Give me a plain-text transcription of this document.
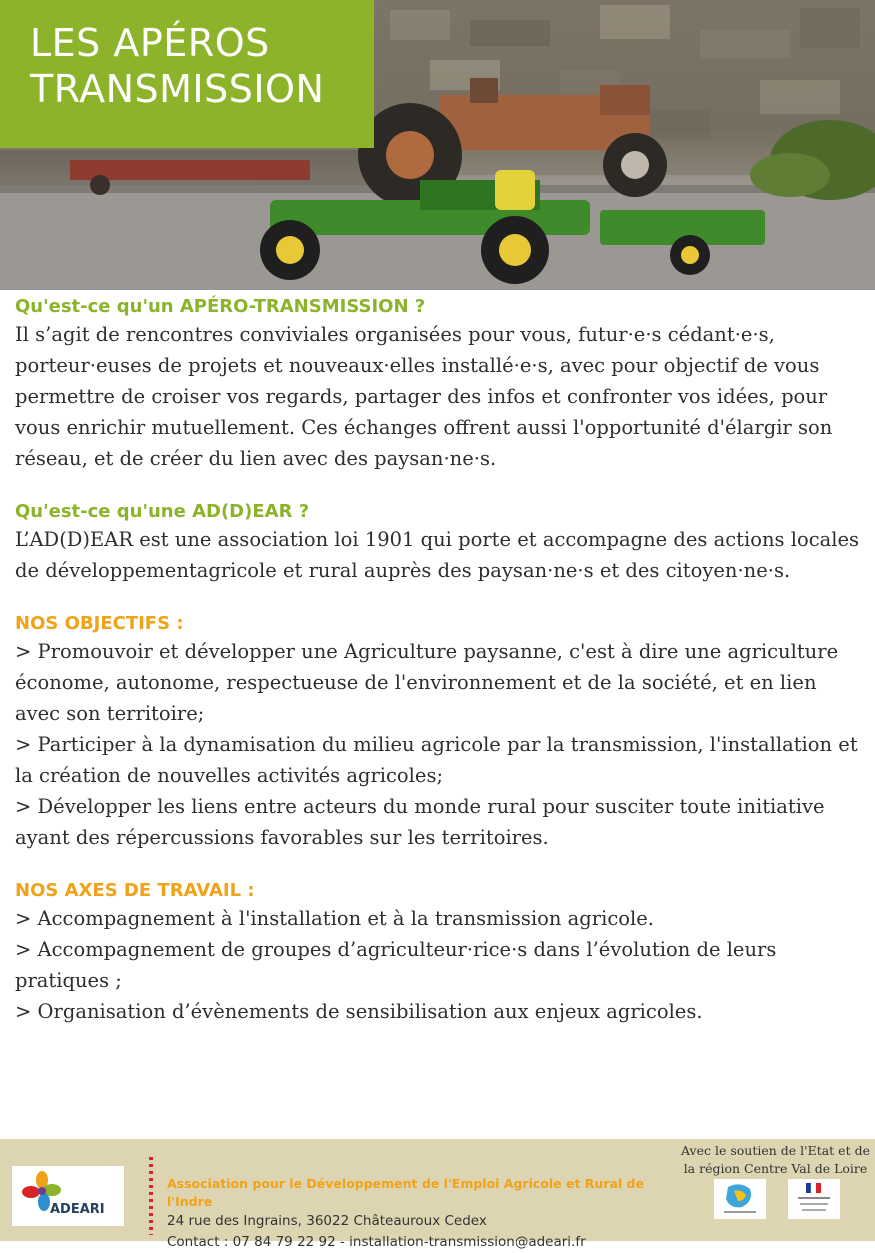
LES APÉROS
TRANSMISSION
Qu'est-ce qu'un APÉRO-TRANSMISSION ?
Il s’agit de rencontres conviviales organisées pour vous, futur·e·s cédant·e·s, porteur·euses de projets et nouveaux·elles installé·e·s, avec pour objectif de vous permettre de croiser vos regards, partager des infos et confronter vos idées, pour vous enrichir mutuellement. Ces échanges offrent aussi l'opportunité d'élargir son réseau, et de créer du lien avec des paysan·ne·s.
Qu'est-ce qu'une AD(D)EAR ?
L’AD(D)EAR est une association loi 1901 qui porte et accompagne des actions locales de développementagricole et rural auprès des paysan·ne·s et des citoyen·ne·s.
NOS OBJECTIFS :
> Promouvoir et développer une Agriculture paysanne, c'est à dire une agriculture économe, autonome, respectueuse de l'environnement et de la société, et en lien avec son territoire;
> Participer à la dynamisation du milieu agricole par la transmission, l'installation et la création de nouvelles activités agricoles;
> Développer les liens entre acteurs du monde rural pour susciter toute initiative ayant des répercussions favorables sur les territoires.
NOS AXES DE TRAVAIL :
> Accompagnement à l'installation et à la transmission agricole.
> Accompagnement de groupes d’agriculteur·rice·s dans l’évolution de leurs pratiques ;
> Organisation d’évènements de sensibilisation aux enjeux agricoles.
ADEARI
Association pour le Développement de l'Emploi Agricole et Rural de l'Indre
24 rue des Ingrains, 36022 Châteauroux Cedex
Contact : 07 84 79 22 92 - installation-transmission@adeari.fr
Avec le soutien de l'Etat et de la région Centre Val de Loire
